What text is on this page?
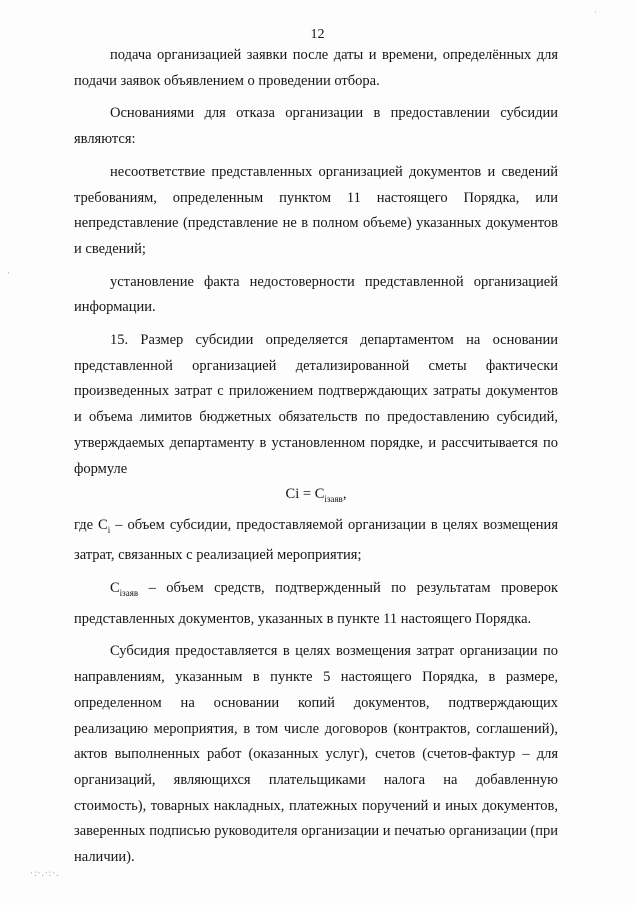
12

подача организацией заявки после даты и времени, определённых для подачи заявок объявлением о проведении отбора.

Основаниями для отказа организации в предоставлении субсидии являются:

несоответствие представленных организацией документов и сведений требованиям, определенным пунктом 11 настоящего Порядка, или непредставление (представление не в полном объеме) указанных документов и сведений;

установление факта недостоверности представленной организацией информации.

15. Размер субсидии определяется департаментом на основании представленной организацией детализированной сметы фактически произведенных затрат с приложением подтверждающих затраты документов и объема лимитов бюджетных обязательств по предоставлению субсидий, утверждаемых департаменту в установленном порядке, и рассчитывается по формуле

$Ci = C_{iзаяв}$,

где $C_i$ – объем субсидии, предоставляемой организации в целях возмещения затрат, связанных с реализацией мероприятия;

$C_{iзаяв}$ – объем средств, подтвержденный по результатам проверок представленных документов, указанных в пункте 11 настоящего Порядка.

Субсидия предоставляется в целях возмещения затрат организации по направлениям, указанным в пункте 5 настоящего Порядка, в размере, определенном на основании копий документов, подтверждающих реализацию мероприятия, в том числе договоров (контрактов, соглашений), актов выполненных работ (оказанных услуг), счетов (счетов-фактур – для организаций, являющихся плательщиками налога на добавленную стоимость), товарных накладных, платежных поручений и иных документов, заверенных подписью руководителя организации и печатью организации (при наличии).

˙
·
·:·.·:·.
